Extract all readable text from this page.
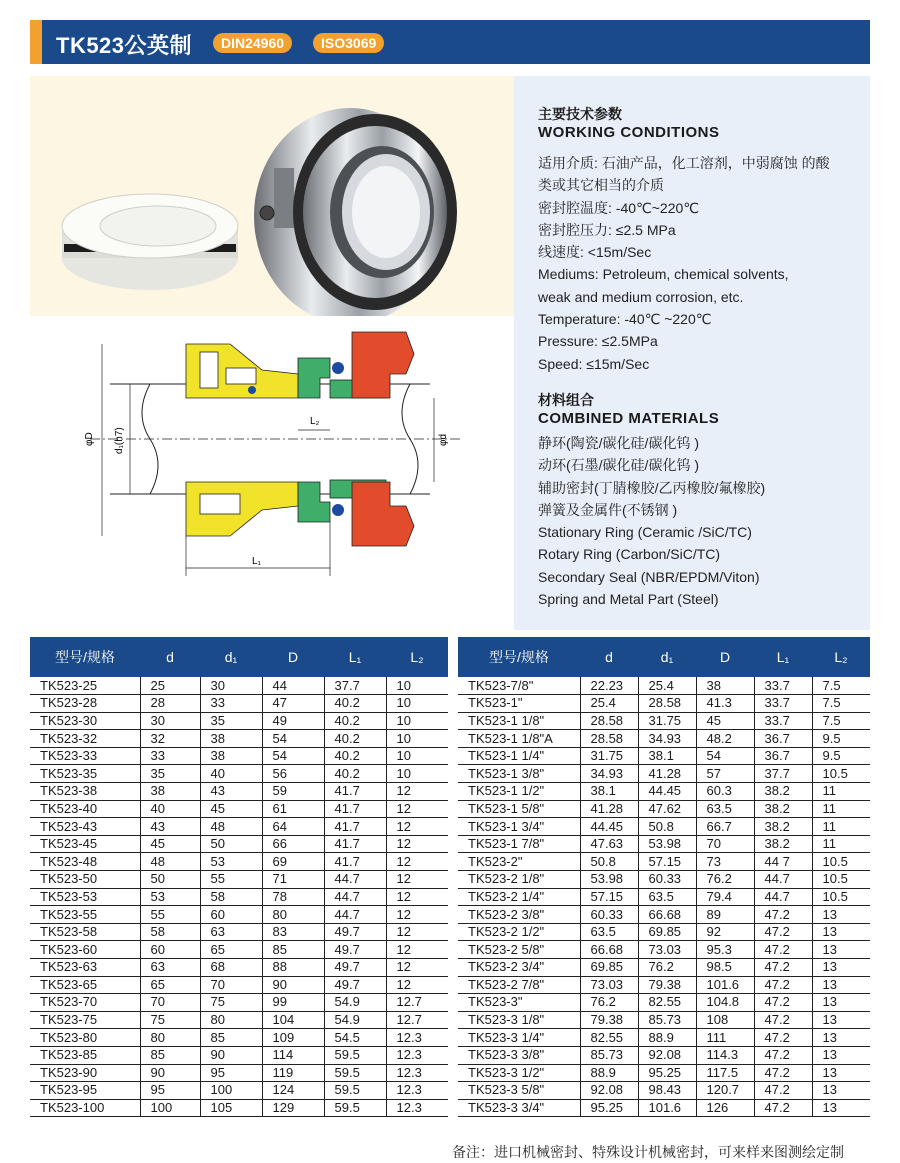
TK523公英制	DIN24960	ISO3069
φD d₁(h7)
L₂
φd
L₁
主要技术参数
WORKING CONDITIONS
适用介质: 石油产品，化工溶剂，中弱腐蚀 的酸
类或其它相当的介质
密封腔温度: -40℃~220℃
密封腔压力: ≤2.5 MPa
线速度: <15m/Sec
Mediums: Petroleum, chemical solvents,
weak and medium corrosion, etc.
Temperature: -40℃ ~220℃
Pressure: ≤2.5MPa
Speed: ≤15m/Sec
材料组合
COMBINED MATERIALS
静环(陶瓷/碳化硅/碳化钨 )
动环(石墨/碳化硅/碳化钨 )
辅助密封(丁腈橡胶/乙丙橡胶/氟橡胶)
弹簧及金属件(不锈钢 )
Stationary Ring (Ceramic /SiC/TC)
Rotary Ring (Carbon/SiC/TC)
Secondary Seal (NBR/EPDM/Viton)
Spring and Metal Part (Steel)
型号/规格	d	d₁	D	L₁	L₂
TK523-25	25	30	44	37.7	10
TK523-28	28	33	47	40.2	10
TK523-30	30	35	49	40.2	10
TK523-32	32	38	54	40.2	10
TK523-33	33	38	54	40.2	10
TK523-35	35	40	56	40.2	10
TK523-38	38	43	59	41.7	12
TK523-40	40	45	61	41.7	12
TK523-43	43	48	64	41.7	12
TK523-45	45	50	66	41.7	12
TK523-48	48	53	69	41.7	12
TK523-50	50	55	71	44.7	12
TK523-53	53	58	78	44.7	12
TK523-55	55	60	80	44.7	12
TK523-58	58	63	83	49.7	12
TK523-60	60	65	85	49.7	12
TK523-63	63	68	88	49.7	12
TK523-65	65	70	90	49.7	12
TK523-70	70	75	99	54.9	12.7
TK523-75	75	80	104	54.9	12.7
TK523-80	80	85	109	54.5	12.3
TK523-85	85	90	114	59.5	12.3
TK523-90	90	95	119	59.5	12.3
TK523-95	95	100	124	59.5	12.3
TK523-100	100	105	129	59.5	12.3
型号/规格	d	d₁	D	L₁	L₂
TK523-7/8"	22.23	25.4	38	33.7	7.5
TK523-1"	25.4	28.58	41.3	33.7	7.5
TK523-1 1/8"	28.58	31.75	45	33.7	7.5
TK523-1 1/8"A	28.58	34.93	48.2	36.7	9.5
TK523-1 1/4"	31.75	38.1	54	36.7	9.5
TK523-1 3/8"	34.93	41.28	57	37.7	10.5
TK523-1 1/2"	38.1	44.45	60.3	38.2	11
TK523-1 5/8"	41.28	47.62	63.5	38.2	11
TK523-1 3/4"	44.45	50.8	66.7	38.2	11
TK523-1 7/8"	47.63	53.98	70	38.2	11
TK523-2"	50.8	57.15	73	44 7	10.5
TK523-2 1/8"	53.98	60.33	76.2	44.7	10.5
TK523-2 1/4"	57.15	63.5	79.4	44.7	10.5
TK523-2 3/8"	60.33	66.68	89	47.2	13
TK523-2 1/2"	63.5	69.85	92	47.2	13
TK523-2 5/8"	66.68	73.03	95.3	47.2	13
TK523-2 3/4"	69.85	76.2	98.5	47.2	13
TK523-2 7/8"	73.03	79.38	101.6	47.2	13
TK523-3"	76.2	82.55	104.8	47.2	13
TK523-3 1/8"	79.38	85.73	108	47.2	13
TK523-3 1/4"	82.55	88.9	111	47.2	13
TK523-3 3/8"	85.73	92.08	114.3	47.2	13
TK523-3 1/2"	88.9	95.25	117.5	47.2	13
TK523-3 5/8"	92.08	98.43	120.7	47.2	13
TK523-3 3/4"	95.25	101.6	126	47.2	13
备注：进口机械密封、特殊设计机械密封，可来样来图测绘定制
